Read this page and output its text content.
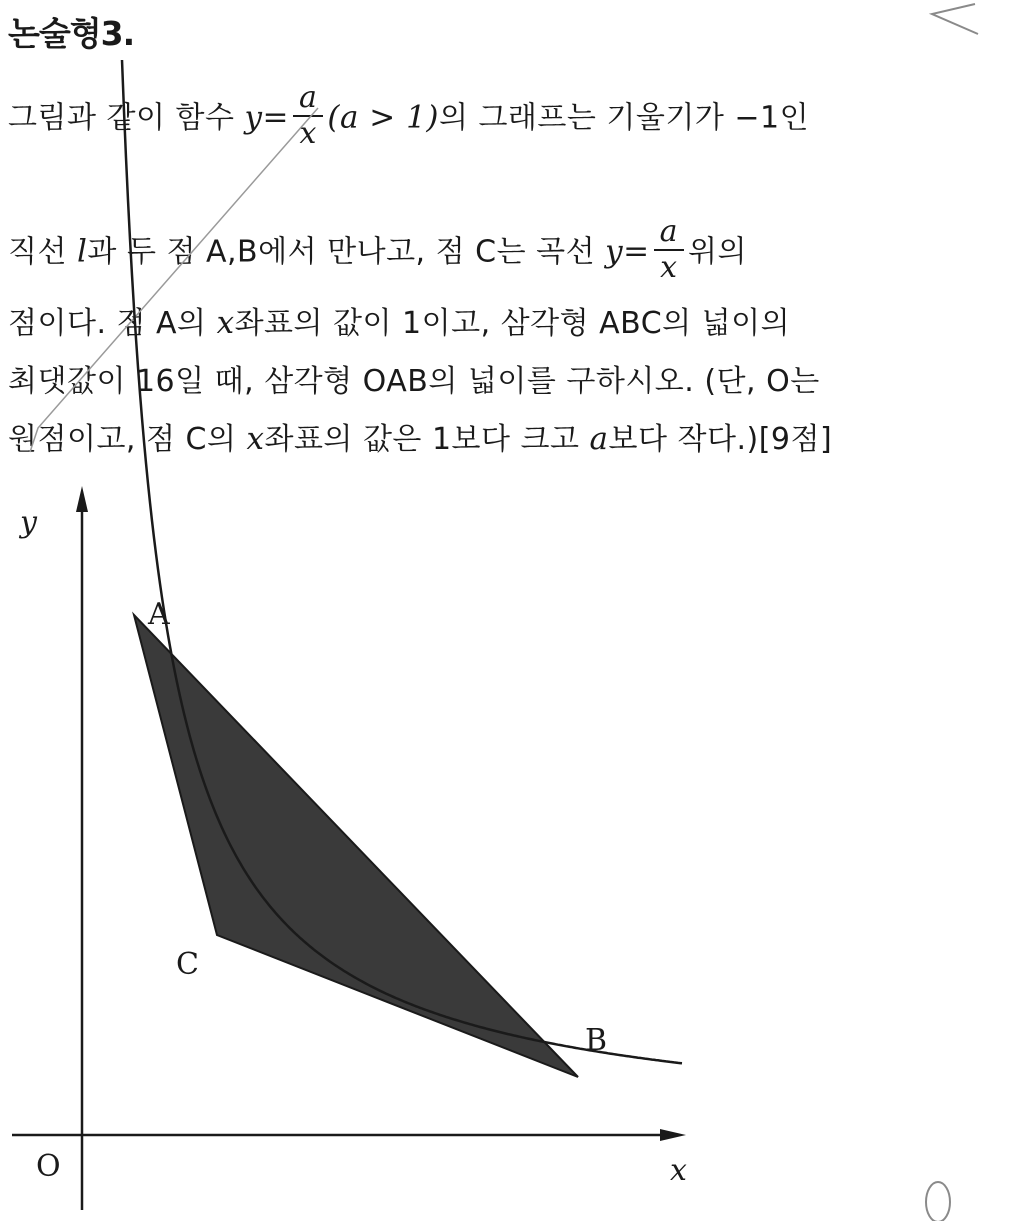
논술형3.
그림과 같이 함수 $y= \frac{a}{x} (a > 1)$의 그래프는 기울기가 −1인
직선 l과 두 점 A,B에서 만나고, 점 C는 곡선 $y= \frac{a}{x}$ 위의
점이다. 점 A의 x좌표의 값이 1이고, 삼각형 ABC의 넓이의
최댓값이 16일 때, 삼각형 OAB의 넓이를 구하시오. (단, O는
원점이고, 점 C의 x좌표의 값은 1보다 크고 a보다 작다.)[9점]
y
x
O
A
C
B
